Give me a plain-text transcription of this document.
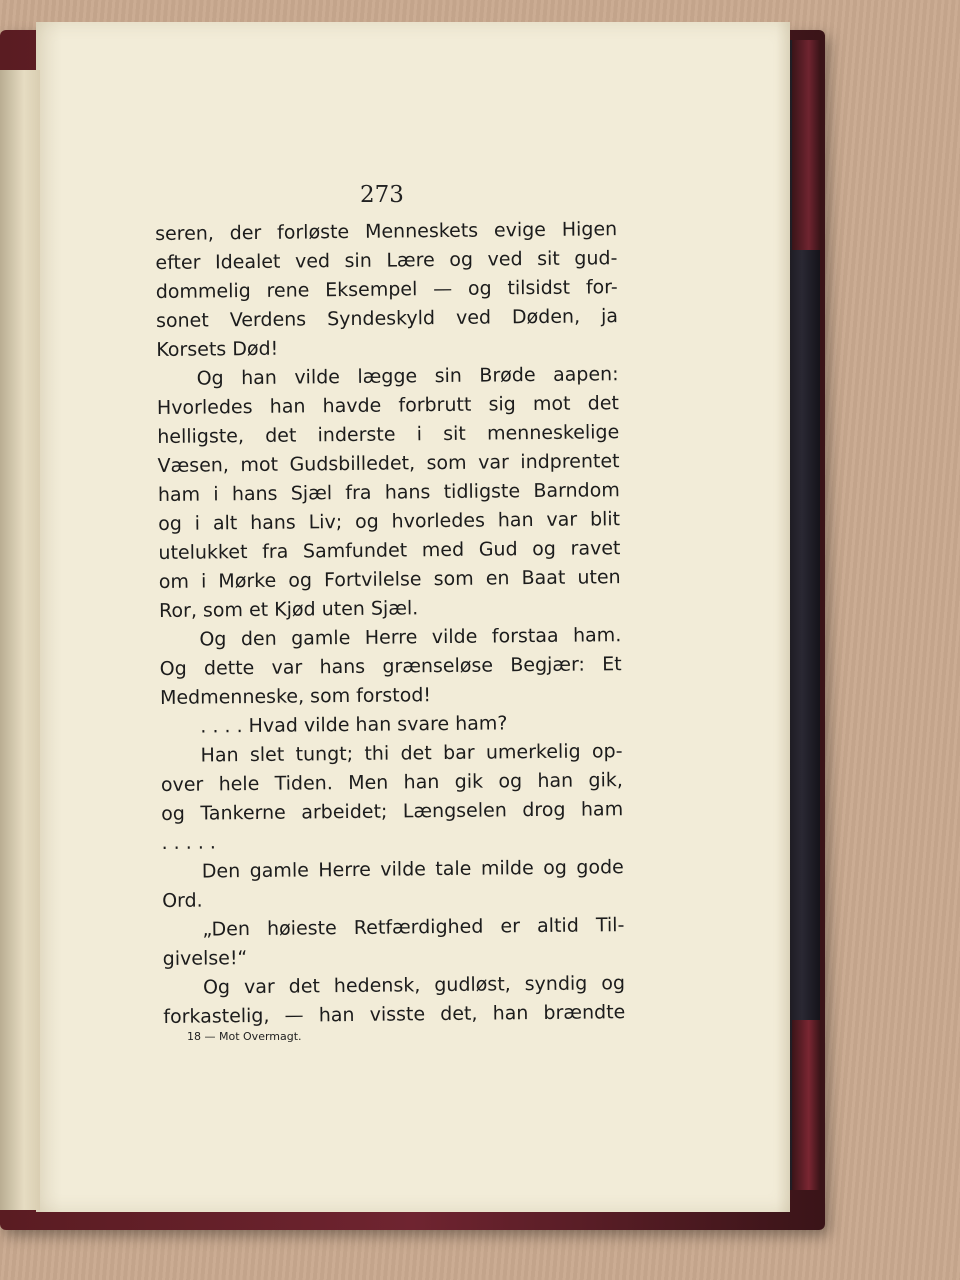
273
seren, der forløste Menneskets evige Higen
efter Idealet ved sin Lære og ved sit gud-
dommelig rene Eksempel — og tilsidst for-
sonet Verdens Syndeskyld ved Døden, ja
Korsets Død!
Og han vilde lægge sin Brøde aapen:
Hvorledes han havde forbrutt sig mot det
helligste, det inderste i sit menneskelige
Væsen, mot Gudsbilledet, som var indprentet
ham i hans Sjæl fra hans tidligste Barndom
og i alt hans Liv; og hvorledes han var blit
utelukket fra Samfundet med Gud og ravet
om i Mørke og Fortvilelse som en Baat uten
Ror, som et Kjød uten Sjæl.
Og den gamle Herre vilde forstaa ham.
Og dette var hans grænseløse Begjær: Et
Medmenneske, som forstod!
. . . . Hvad vilde han svare ham?
Han slet tungt; thi det bar umerkelig op-
over hele Tiden. Men han gik og han gik,
og Tankerne arbeidet; Længselen drog ham
. . . . .
Den gamle Herre vilde tale milde og gode
Ord.
„Den høieste Retfærdighed er altid Til-
givelse!“
Og var det hedensk, gudløst, syndig og
forkastelig, — han visste det, han brændte
18 — Mot Overmagt.
